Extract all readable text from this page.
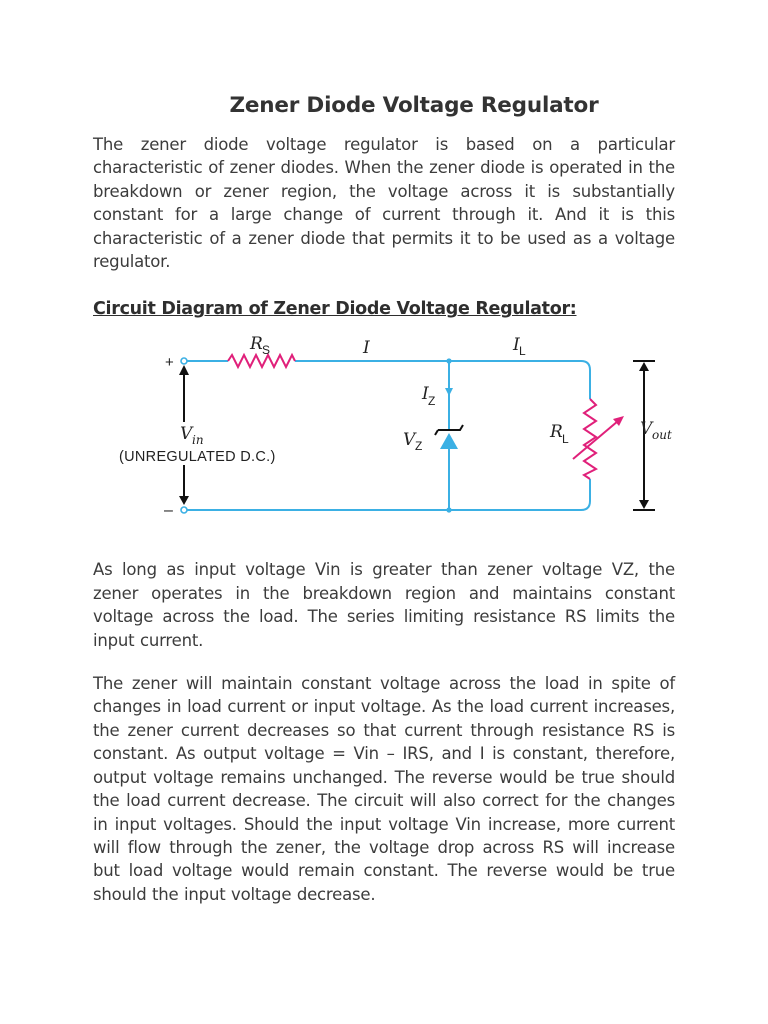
Zener Diode Voltage Regulator

The zener diode voltage regulator is based on a particular characteristic of zener diodes. When the zener diode is operated in the breakdown or zener region, the voltage across it is substantially constant for a large change of current through it. And it is this characteristic of a zener diode that permits it to be used as a voltage regulator.

Circuit Diagram of Zener Diode Voltage Regulator:
+
–
R S	I	I L
I Z
V Z
R L
V in
(UNREGULATED D.C.)
V out

As long as input voltage Vin is greater than zener voltage VZ, the zener operates in the breakdown region and maintains constant voltage across the load. The series limiting resistance RS limits the input current.

The zener will maintain constant voltage across the load in spite of changes in load current or input voltage. As the load current increases, the zener current decreases so that current through resistance RS is constant. As output voltage = Vin – IRS, and I is constant, therefore, output voltage remains unchanged. The reverse would be true should the load current decrease. The circuit will also correct for the changes in input voltages. Should the input voltage Vin increase, more current will flow through the zener, the voltage drop across RS will increase but load voltage would remain constant. The reverse would be true should the input voltage decrease.
